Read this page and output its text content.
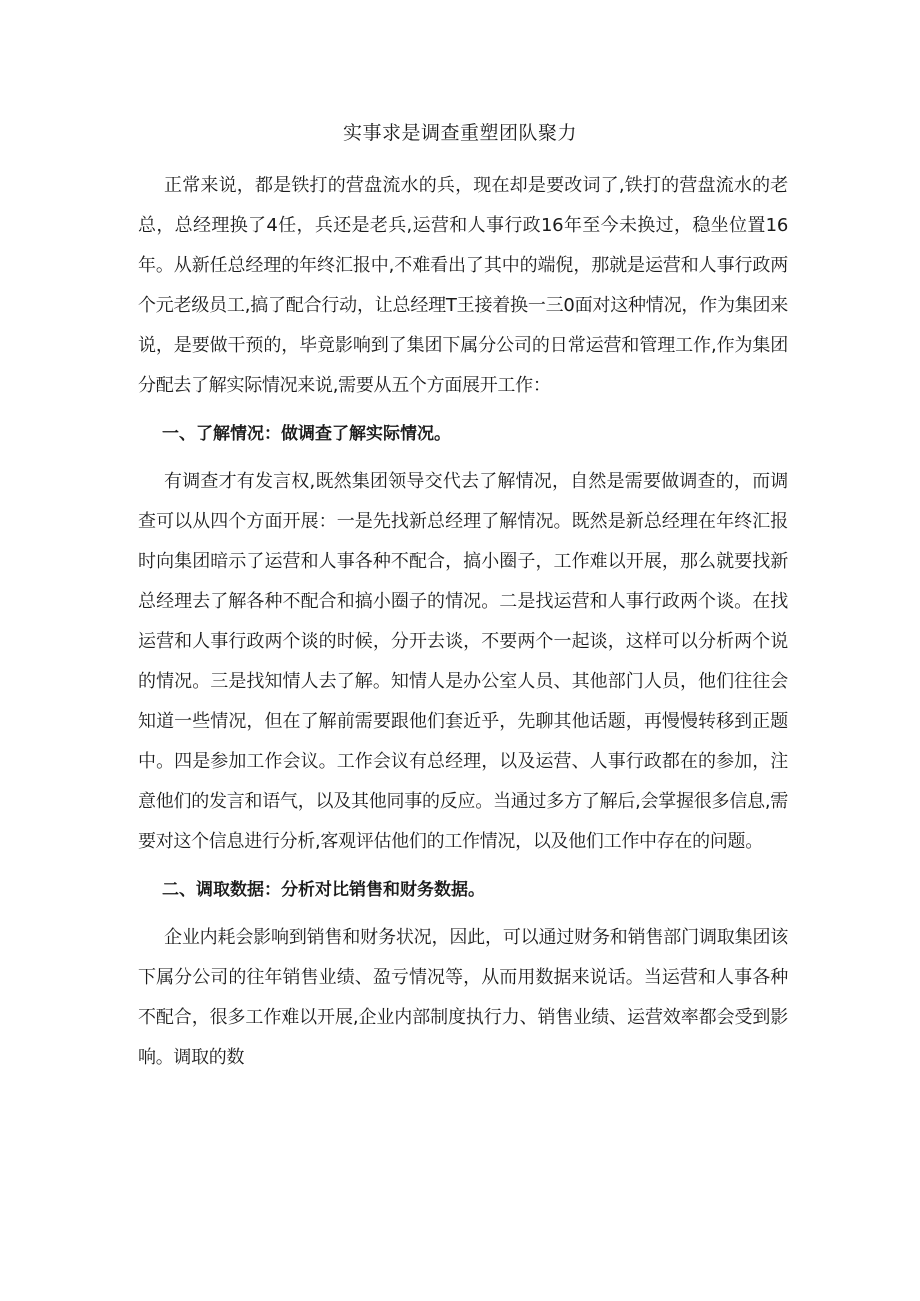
实事求是调查重塑团队聚力

正常来说，都是铁打的营盘流水的兵，现在却是要改词了,铁打的营盘流水的老总，总经理换了4任，兵还是老兵,运营和人事行政16年至今未换过，稳坐位置16年。从新任总经理的年终汇报中,不难看出了其中的端倪，那就是运营和人事行政两个元老级员工,搞了配合行动，让总经理T王接着换一三0面对这种情况，作为集团来说，是要做干预的，毕竟影响到了集团下属分公司的日常运营和管理工作,作为集团分配去了解实际情况来说,需要从五个方面展开工作：

一、了解情况：做调查了解实际情况。

有调查才有发言权,既然集团领导交代去了解情况，自然是需要做调查的，而调查可以从四个方面开展：一是先找新总经理了解情况。既然是新总经理在年终汇报时向集团暗示了运营和人事各种不配合，搞小圈子，工作难以开展，那么就要找新总经理去了解各种不配合和搞小圈子的情况。二是找运营和人事行政两个谈。在找运营和人事行政两个谈的时候，分开去谈，不要两个一起谈，这样可以分析两个说的情况。三是找知情人去了解。知情人是办公室人员、其他部门人员，他们往往会知道一些情况，但在了解前需要跟他们套近乎，先聊其他话题，再慢慢转移到正题中。四是参加工作会议。工作会议有总经理，以及运营、人事行政都在的参加，注意他们的发言和语气，以及其他同事的反应。当通过多方了解后,会掌握很多信息,需要对这个信息进行分析,客观评估他们的工作情况，以及他们工作中存在的问题。

二、调取数据：分析对比销售和财务数据。

企业内耗会影响到销售和财务状况，因此，可以通过财务和销售部门调取集团该下属分公司的往年销售业绩、盈亏情况等，从而用数据来说话。当运营和人事各种不配合，很多工作难以开展,企业内部制度执行力、销售业绩、运营效率都会受到影响。调取的数
